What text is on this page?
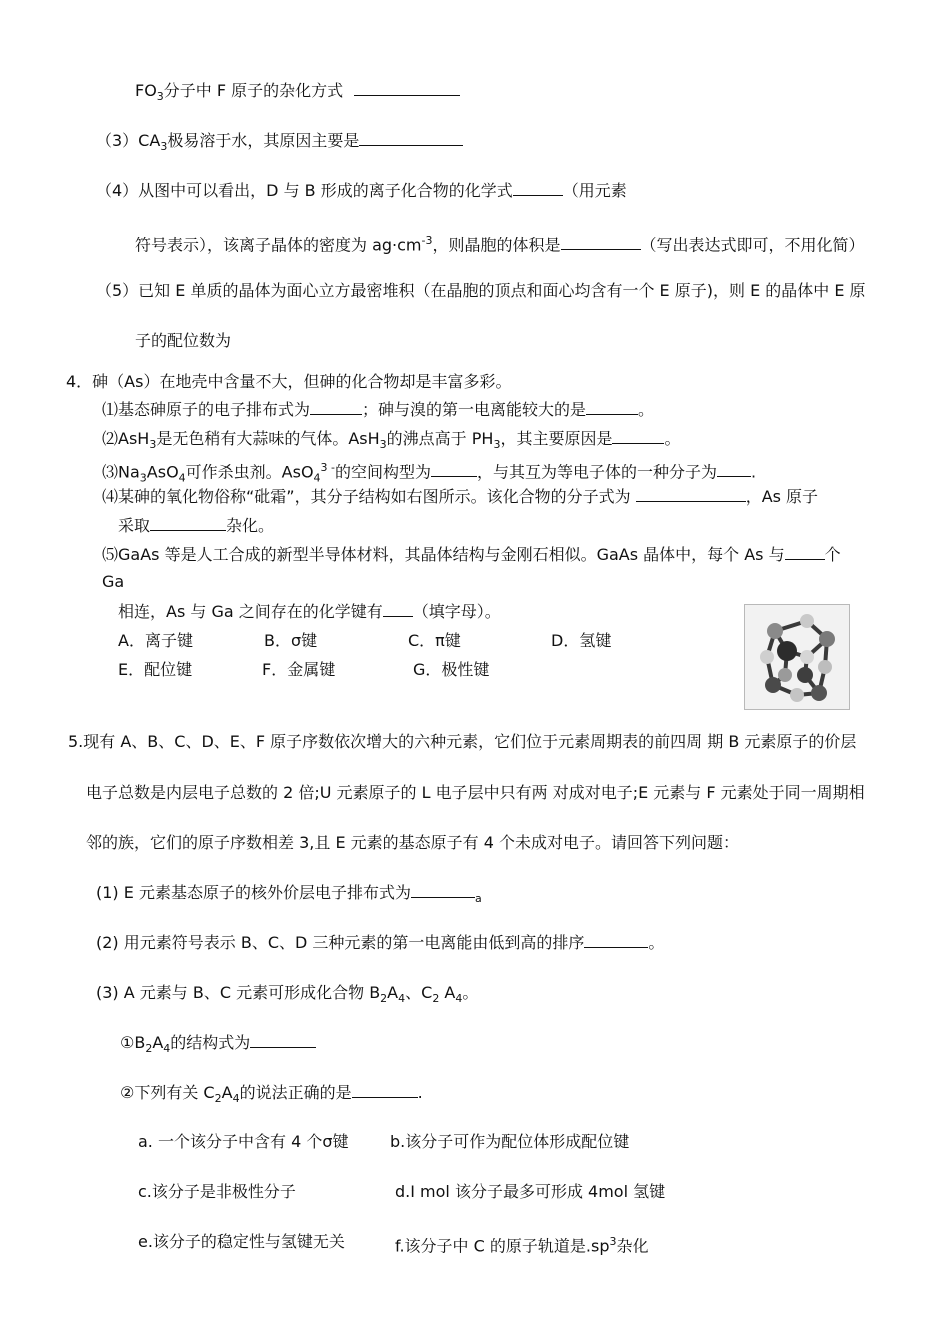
$FO_3$分子中 F 原子的杂化方式
$(3)CA_3$极易溶于水，其原因主要是
（4）从图中可以看出，D 与 B 形成的离子化合物的化学式	（用元素
符号表示），该离子晶体的密度为 $ag\cdot cm^{-3}$，则晶胞的体积是	（写出表达式即可，不用化简）
（5）已知 E 单质的晶体为面心立方最密堆积（在晶胞的顶点和面心均含有一个 E 原子)，则 E 的晶体中 E 原
子的配位数为
4．砷（As）在地壳中含量不大，但砷的化合物却是丰富多彩。
⑴基态砷原子的电子排布式为	；砷与溴的第一电离能较大的是	。
⑵AsH$_3$是无色稍有大蒜味的气体。AsH$_3$的沸点高于 $PH_3$，其主要原因是	。
$⑶Na_3AsO_4$可作杀虫剂。AsO$_4^{3 -}$的空间构型为	，与其互为等电子体的一种分子为 .
⑷某砷的氧化物俗称“砒霜”，其分子结构如右图所示。该化合物的分子式为	，As 原子
采取	杂化。
⑸GaAs 等是人工合成的新型半导体材料，其晶体结构与金刚石相似。GaAs 晶体中，每个 As 与	个
Ga
相连，As 与 Ga 之间存在的化学键有 （填字母）。
A．离子键	B．σ键	C．π键	D．氢键
E．配位键	F．金属键	G．极性键
5.现有 A、B、C、D、E、F 原子序数依次增大的六种元素，它们位于元素周期表的前四周 期 B 元素原子的价层
电子总数是内层电子总数的 2 倍;U 元素原子的 L 电子层中只有两 对成对电子;E 元素与 F 元素处于同一周期相
邻的族，它们的原子序数相差 3,且 E 元素的基态原子有 4 个未成对电子。请回答下列问题：
(1) E 元素基态原子的核外价层电子排布式为	$_a$
(2) 用元素符号表示 B、C、D 三种元素的第一电离能由低到高的排序	。
(3) A 元素与 B、C 元素可形成化合物 $B_2A_4$、$C_2$ $A_4$。
$①B_2A_4$的结构式为
②下列有关 $C_2A_4$的说法正确的是	.
a. 一个该分子中含有 4 个σ键	b.该分子可作为配位体形成配位键
c.该分子是非极性分子	d.I mol 该分子最多可形成 4mol 氢键
e.该分子的稳定性与氢键无关	f.该分子中 C 的原子轨道是$.sp^3$杂化
